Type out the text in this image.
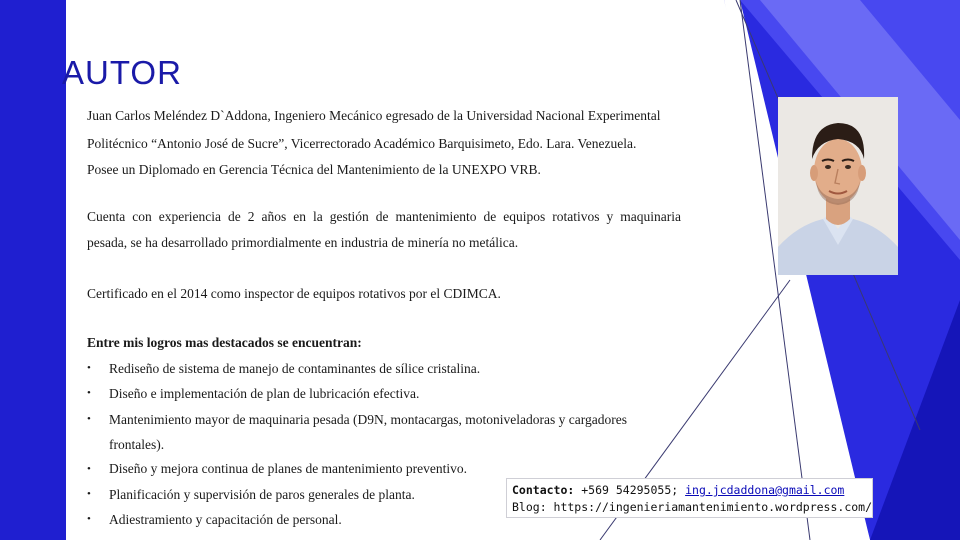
AUTOR
Juan Carlos Meléndez D`Addona, Ingeniero Mecánico egresado de la Universidad Nacional Experimental
Politécnico “Antonio José de Sucre”, Vicerrectorado Académico Barquisimeto, Edo. Lara. Venezuela.
Posee un Diplomado en Gerencia Técnica del Mantenimiento de la UNEXPO VRB.
Cuenta con experiencia de 2 años en la gestión de mantenimiento de equipos rotativos y maquinaria
pesada, se ha desarrollado primordialmente en industria de minería no metálica.
Certificado en el 2014 como inspector de equipos rotativos por el CDIMCA.
Entre mis logros mas destacados se encuentran:
• Rediseño de sistema de manejo de contaminantes de sílice cristalina.
• Diseño e implementación de plan de lubricación efectiva.
• Mantenimiento mayor de maquinaria pesada (D9N, montacargas, motoniveladoras y cargadores
frontales).
• Diseño y mejora continua de planes de mantenimiento preventivo.
• Planificación y supervisión de paros generales de planta.
• Adiestramiento y capacitación de personal.
Contacto: +569 54295055; ing.jcdaddona@gmail.com
Blog: https://ingenieriamantenimiento.wordpress.com/
